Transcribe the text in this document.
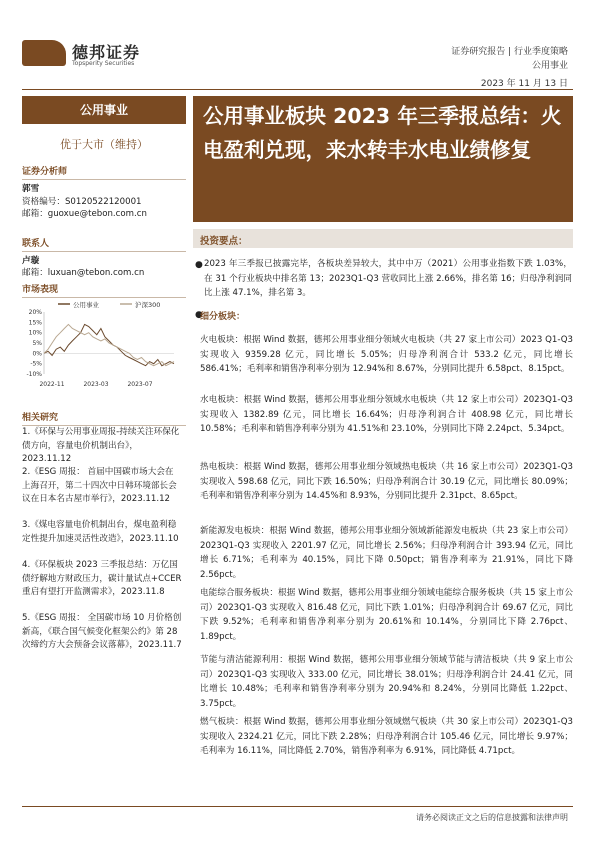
德邦证券
Topsperity Securities
证券研究报告 | 行业季度策略
公用事业
2023 年 11 月 13 日
公用事业
优于大市（维持）
证券分析师
郭雪
资格编号：S0120522120001
邮箱：guoxue@tebon.com.cn
联系人
卢璇
邮箱：luxuan@tebon.com.cn
市场表现
公用事业	沪深300
20%
15%
10%
5%
0%
-5%
-10%
2022-11	2023-03	2023-07
相关研究
1.《环保与公用事业周报-持续关注环保化债方向，容量电价机制出台》，2023.11.12
2.《ESG 周报： 首届中国碳市场大会在上海召开，第二十四次中日韩环境部长会议在日本名古屋市举行》，2023.11.12
3.《煤电容量电价机制出台，煤电盈利稳定性提升加速灵活性改造》，2023.11.10
4.《环保板块 2023 三季报总结：万亿国债纾解地方财政压力，碳计量试点+CCER 重启有望打开监测需求》，2023.11.8
5.《ESG 周报： 全国碳市场 10 月价格创新高，《联合国气候变化框架公约》第 28 次缔约方大会预备会议落幕》，2023.11.7
公用事业板块 2023 年三季报总结：火电盈利兑现，来水转丰水电业绩修复
投资要点：
● 2023 年三季报已披露完毕，各板块差异较大，其中中万（2021）公用事业指数下跌 1.03%，在 31 个行业板块中排名第 13；2023Q1-Q3 营收同比上涨 2.66%，排名第 16；归母净利润同比上涨 47.1%，排名第 3。
●
细分板块：
火电板块：根据 Wind 数据，德邦公用事业细分领域火电板块（共 27 家上市公司）2023 Q1-Q3 实现收入 9359.28 亿元，同比增长 5.05%；归母净利润合计 533.2 亿元，同比增长 586.41%；毛利率和销售净利率分别为 12.94%和 8.67%，分别同比提升 6.58pct、8.15pct。
水电板块：根据 Wind 数据，德邦公用事业细分领域水电板块（共 12 家上市公司）2023Q1-Q3 实现收入 1382.89 亿元，同比增长 16.64%；归母净利润合计 408.98 亿元，同比增长 10.58%；毛利率和销售净利率分别为 41.51%和 23.10%，分别同比下降 2.24pct、5.34pct。
热电板块：根据 Wind 数据，德邦公用事业细分领域热电板块（共 16 家上市公司）2023Q1-Q3 实现收入 598.68 亿元，同比下跌 16.50%；归母净利润合计 30.19 亿元，同比增长 80.09%；毛利率和销售净利率分别为 14.45%和 8.93%，分别同比提升 2.31pct、8.65pct。
新能源发电板块：根据 Wind 数据，德邦公用事业细分领域新能源发电板块（共 23 家上市公司）2023Q1-Q3 实现收入 2201.97 亿元，同比增长 2.56%；归母净利润合计 393.94 亿元，同比增长 6.71%；毛利率为 40.15%，同比下降 0.50pct；销售净利率为 21.91%，同比下降 2.56pct。
电能综合服务板块：根据 Wind 数据，德邦公用事业细分领域电能综合服务板块（共 15 家上市公司）2023Q1-Q3 实现收入 816.48 亿元，同比下跌 1.01%；归母净利润合计 69.67 亿元，同比下跌 9.52%；毛利率和销售净利率分别为 20.61%和 10.14%，分别同比下降 2.76pct、1.89pct。
节能与清洁能源利用：根据 Wind 数据，德邦公用事业细分领域节能与清洁板块（共 9 家上市公司）2023Q1-Q3 实现收入 333.00 亿元，同比增长 38.01%；归母净利润合计 24.41 亿元，同比增长 10.48%；毛利率和销售净利率分别为 20.94%和 8.24%，分别同比降低 1.22pct、3.75pct。
燃气板块：根据 Wind 数据，德邦公用事业细分领域燃气板块（共 30 家上市公司）2023Q1-Q3 实现收入 2324.21 亿元，同比下跌 2.28%；归母净利润合计 105.46 亿元，同比增长 9.97%；毛利率为 16.11%，同比降低 2.70%，销售净利率为 6.91%，同比降低 4.71pct。
请务必阅读正文之后的信息披露和法律声明
